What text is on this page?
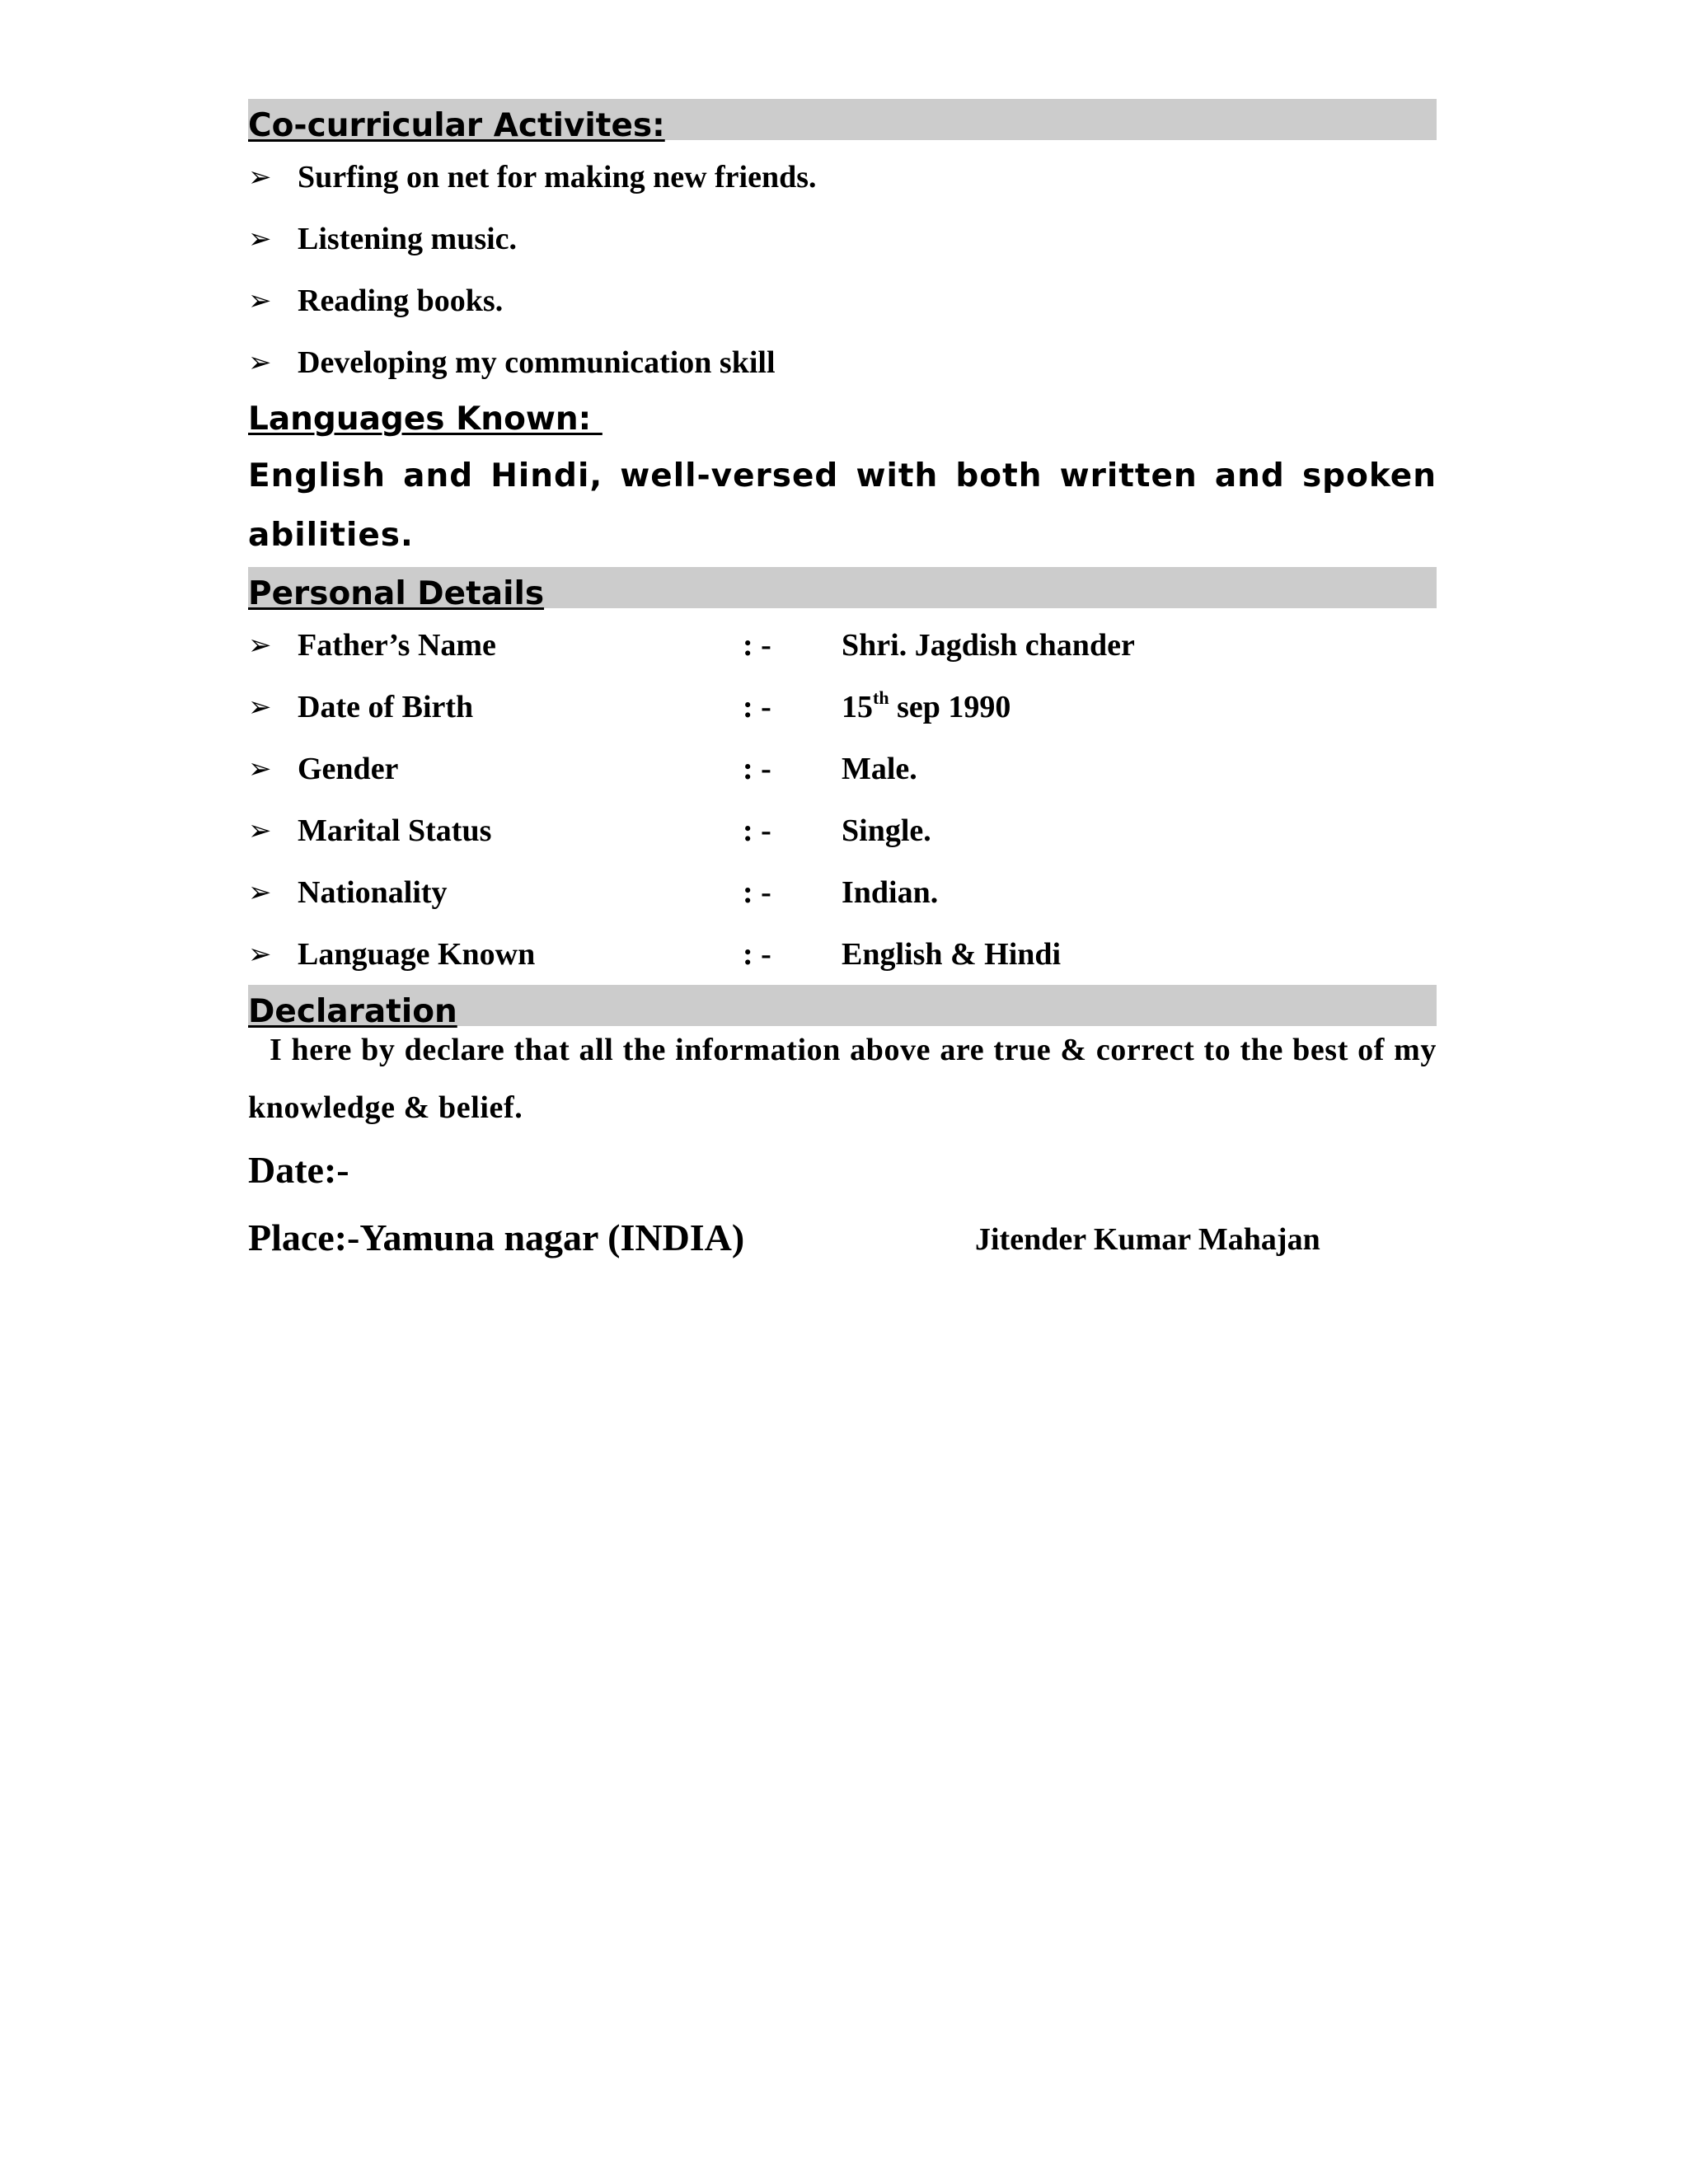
Co-curricular Activites:
➢ Surfing on net for making new friends.
➢ Listening music.
➢ Reading books.
➢ Developing my communication skill
Languages Known:

English and Hindi, well-versed with both written and spoken abilities.

Personal Details
➢ Father’s Name	: -	Shri. Jagdish chander
➢ Date of Birth	: -	15th sep 1990
➢ Gender	: -	Male.
➢ Marital Status	: -	Single.
➢ Nationality	: -	Indian.
➢ Language Known	: -	English & Hindi
Declaration

I here by declare that all the information above are true & correct to the best of my knowledge & belief.

Date:-
Place:-Yamuna nagar (INDIA)	Jitender Kumar Mahajan
